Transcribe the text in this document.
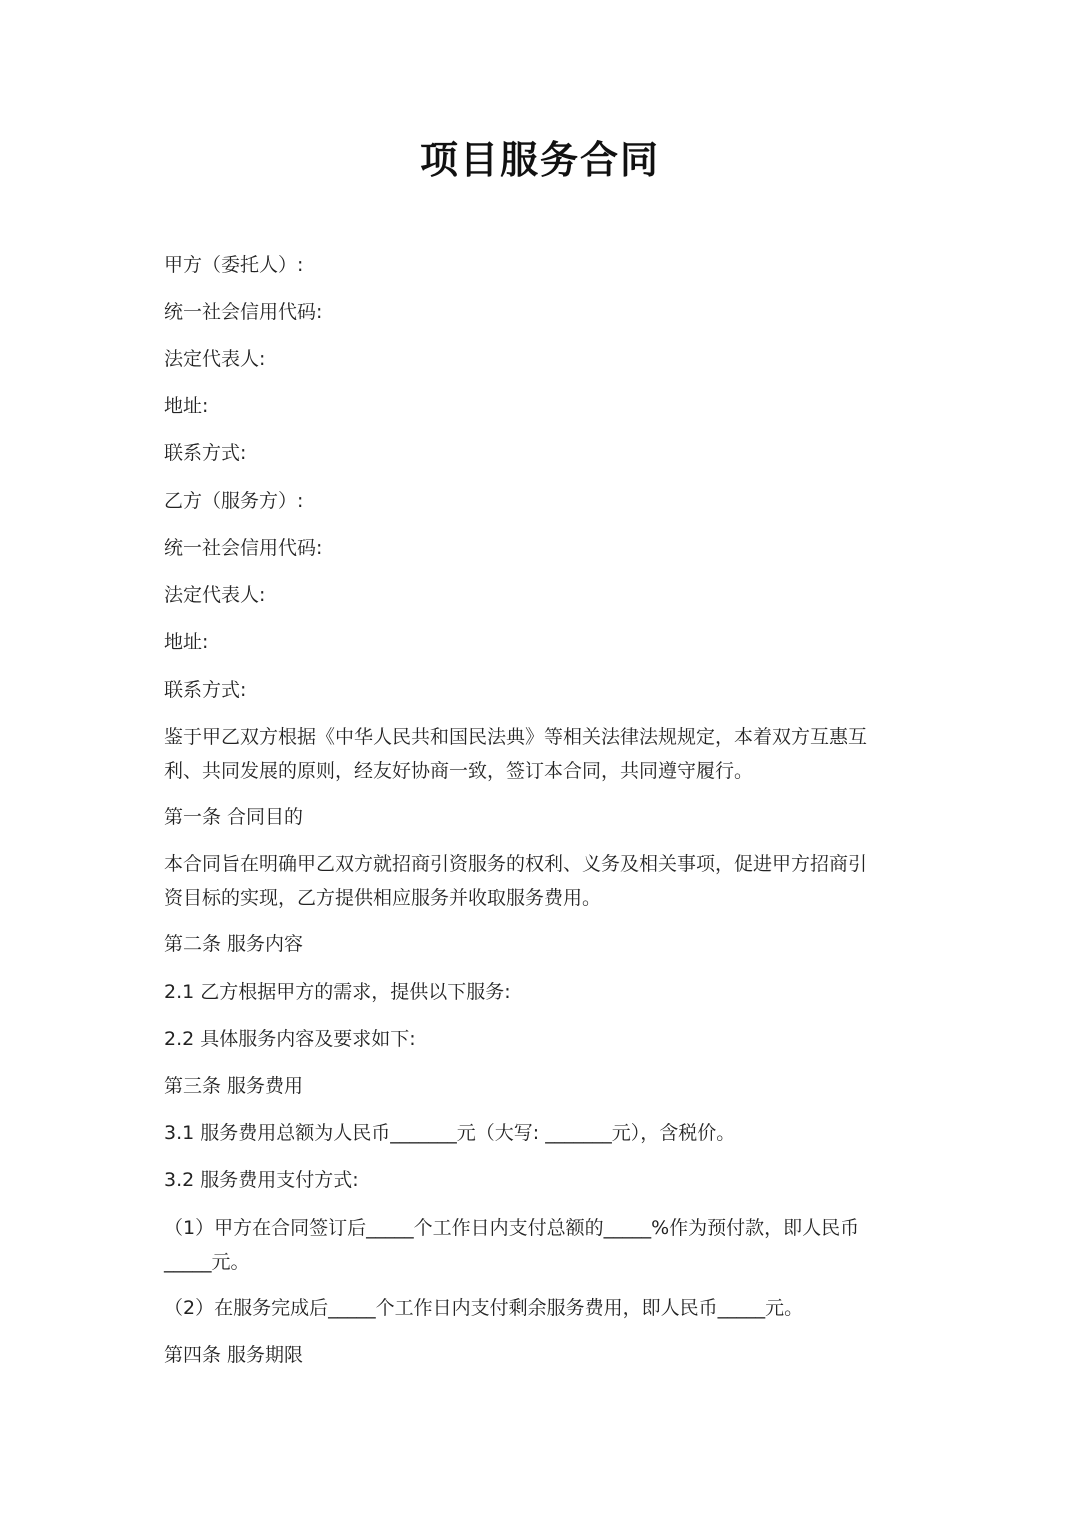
项目服务合同
甲方（委托人）:
统一社会信用代码:
法定代表人:
地址:
联系方式:
乙方（服务方）:
统一社会信用代码:
法定代表人:
地址:
联系方式:
鉴于甲乙双方根据《中华人民共和国民法典》等相关法律法规规定，本着双方互惠互
利、共同发展的原则，经友好协商一致，签订本合同，共同遵守履行。
第一条 合同目的
本合同旨在明确甲乙双方就招商引资服务的权利、义务及相关事项，促进甲方招商引
资目标的实现，乙方提供相应服务并收取服务费用。
第二条 服务内容
2.1 乙方根据甲方的需求，提供以下服务:
2.2 具体服务内容及要求如下:
第三条 服务费用
3.1 服务费用总额为人民币_______元（大写: _______元），含税价。
3.2 服务费用支付方式:
（1）甲方在合同签订后_____个工作日内支付总额的_____%作为预付款，即人民币
_____元。
（2）在服务完成后_____个工作日内支付剩余服务费用，即人民币_____元。
第四条 服务期限
